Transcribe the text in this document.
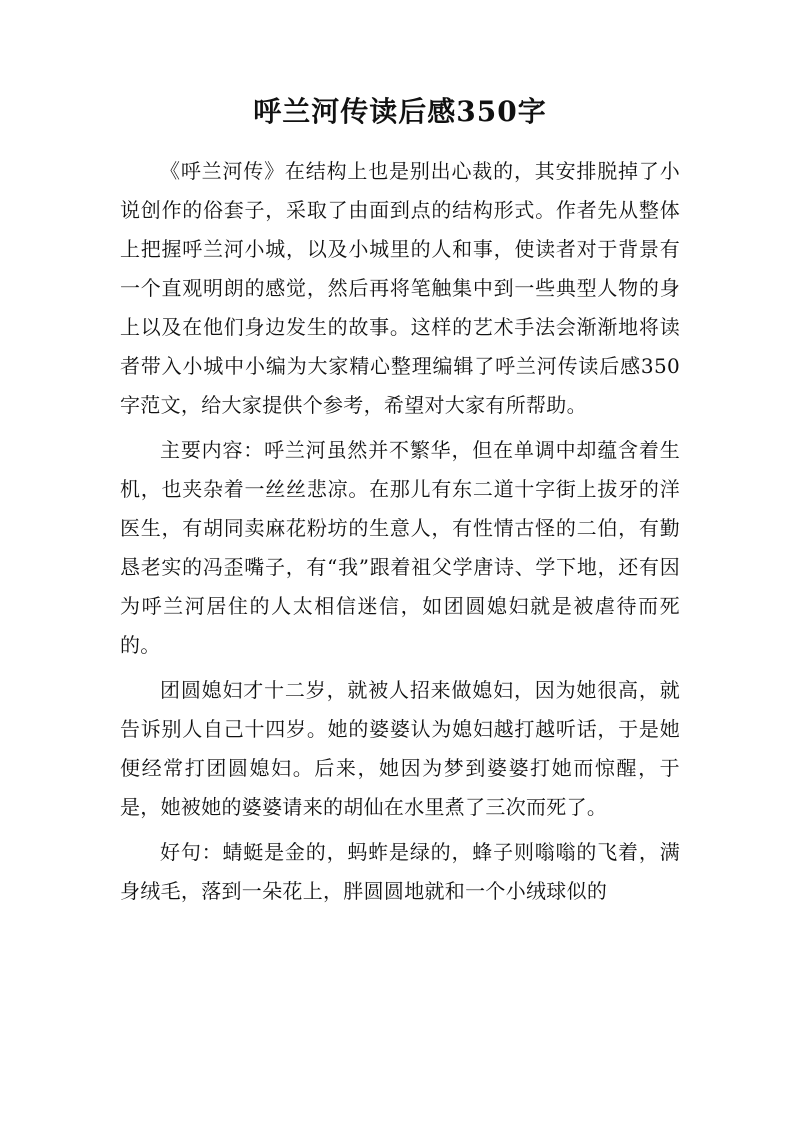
呼兰河传读后感350字

《呼兰河传》在结构上也是别出心裁的，其安排脱掉了小说创作的俗套子，采取了由面到点的结构形式。作者先从整体上把握呼兰河小城，以及小城里的人和事，使读者对于背景有一个直观明朗的感觉，然后再将笔触集中到一些典型人物的身上以及在他们身边发生的故事。这样的艺术手法会渐渐地将读者带入小城中小编为大家精心整理编辑了呼兰河传读后感350字范文，给大家提供个参考，希望对大家有所帮助。

主要内容：呼兰河虽然并不繁华，但在单调中却蕴含着生机，也夹杂着一丝丝悲凉。在那儿有东二道十字街上拔牙的洋医生，有胡同卖麻花粉坊的生意人，有性情古怪的二伯，有勤恳老实的冯歪嘴子，有“我”跟着祖父学唐诗、学下地，还有因为呼兰河居住的人太相信迷信，如团圆媳妇就是被虐待而死的。

团圆媳妇才十二岁，就被人招来做媳妇，因为她很高，就告诉别人自己十四岁。她的婆婆认为媳妇越打越听话，于是她便经常打团圆媳妇。后来，她因为梦到婆婆打她而惊醒，于是，她被她的婆婆请来的胡仙在水里煮了三次而死了。

好句：蜻蜓是金的，蚂蚱是绿的，蜂子则嗡嗡的飞着，满身绒毛，落到一朵花上，胖圆圆地就和一个小绒球似的
